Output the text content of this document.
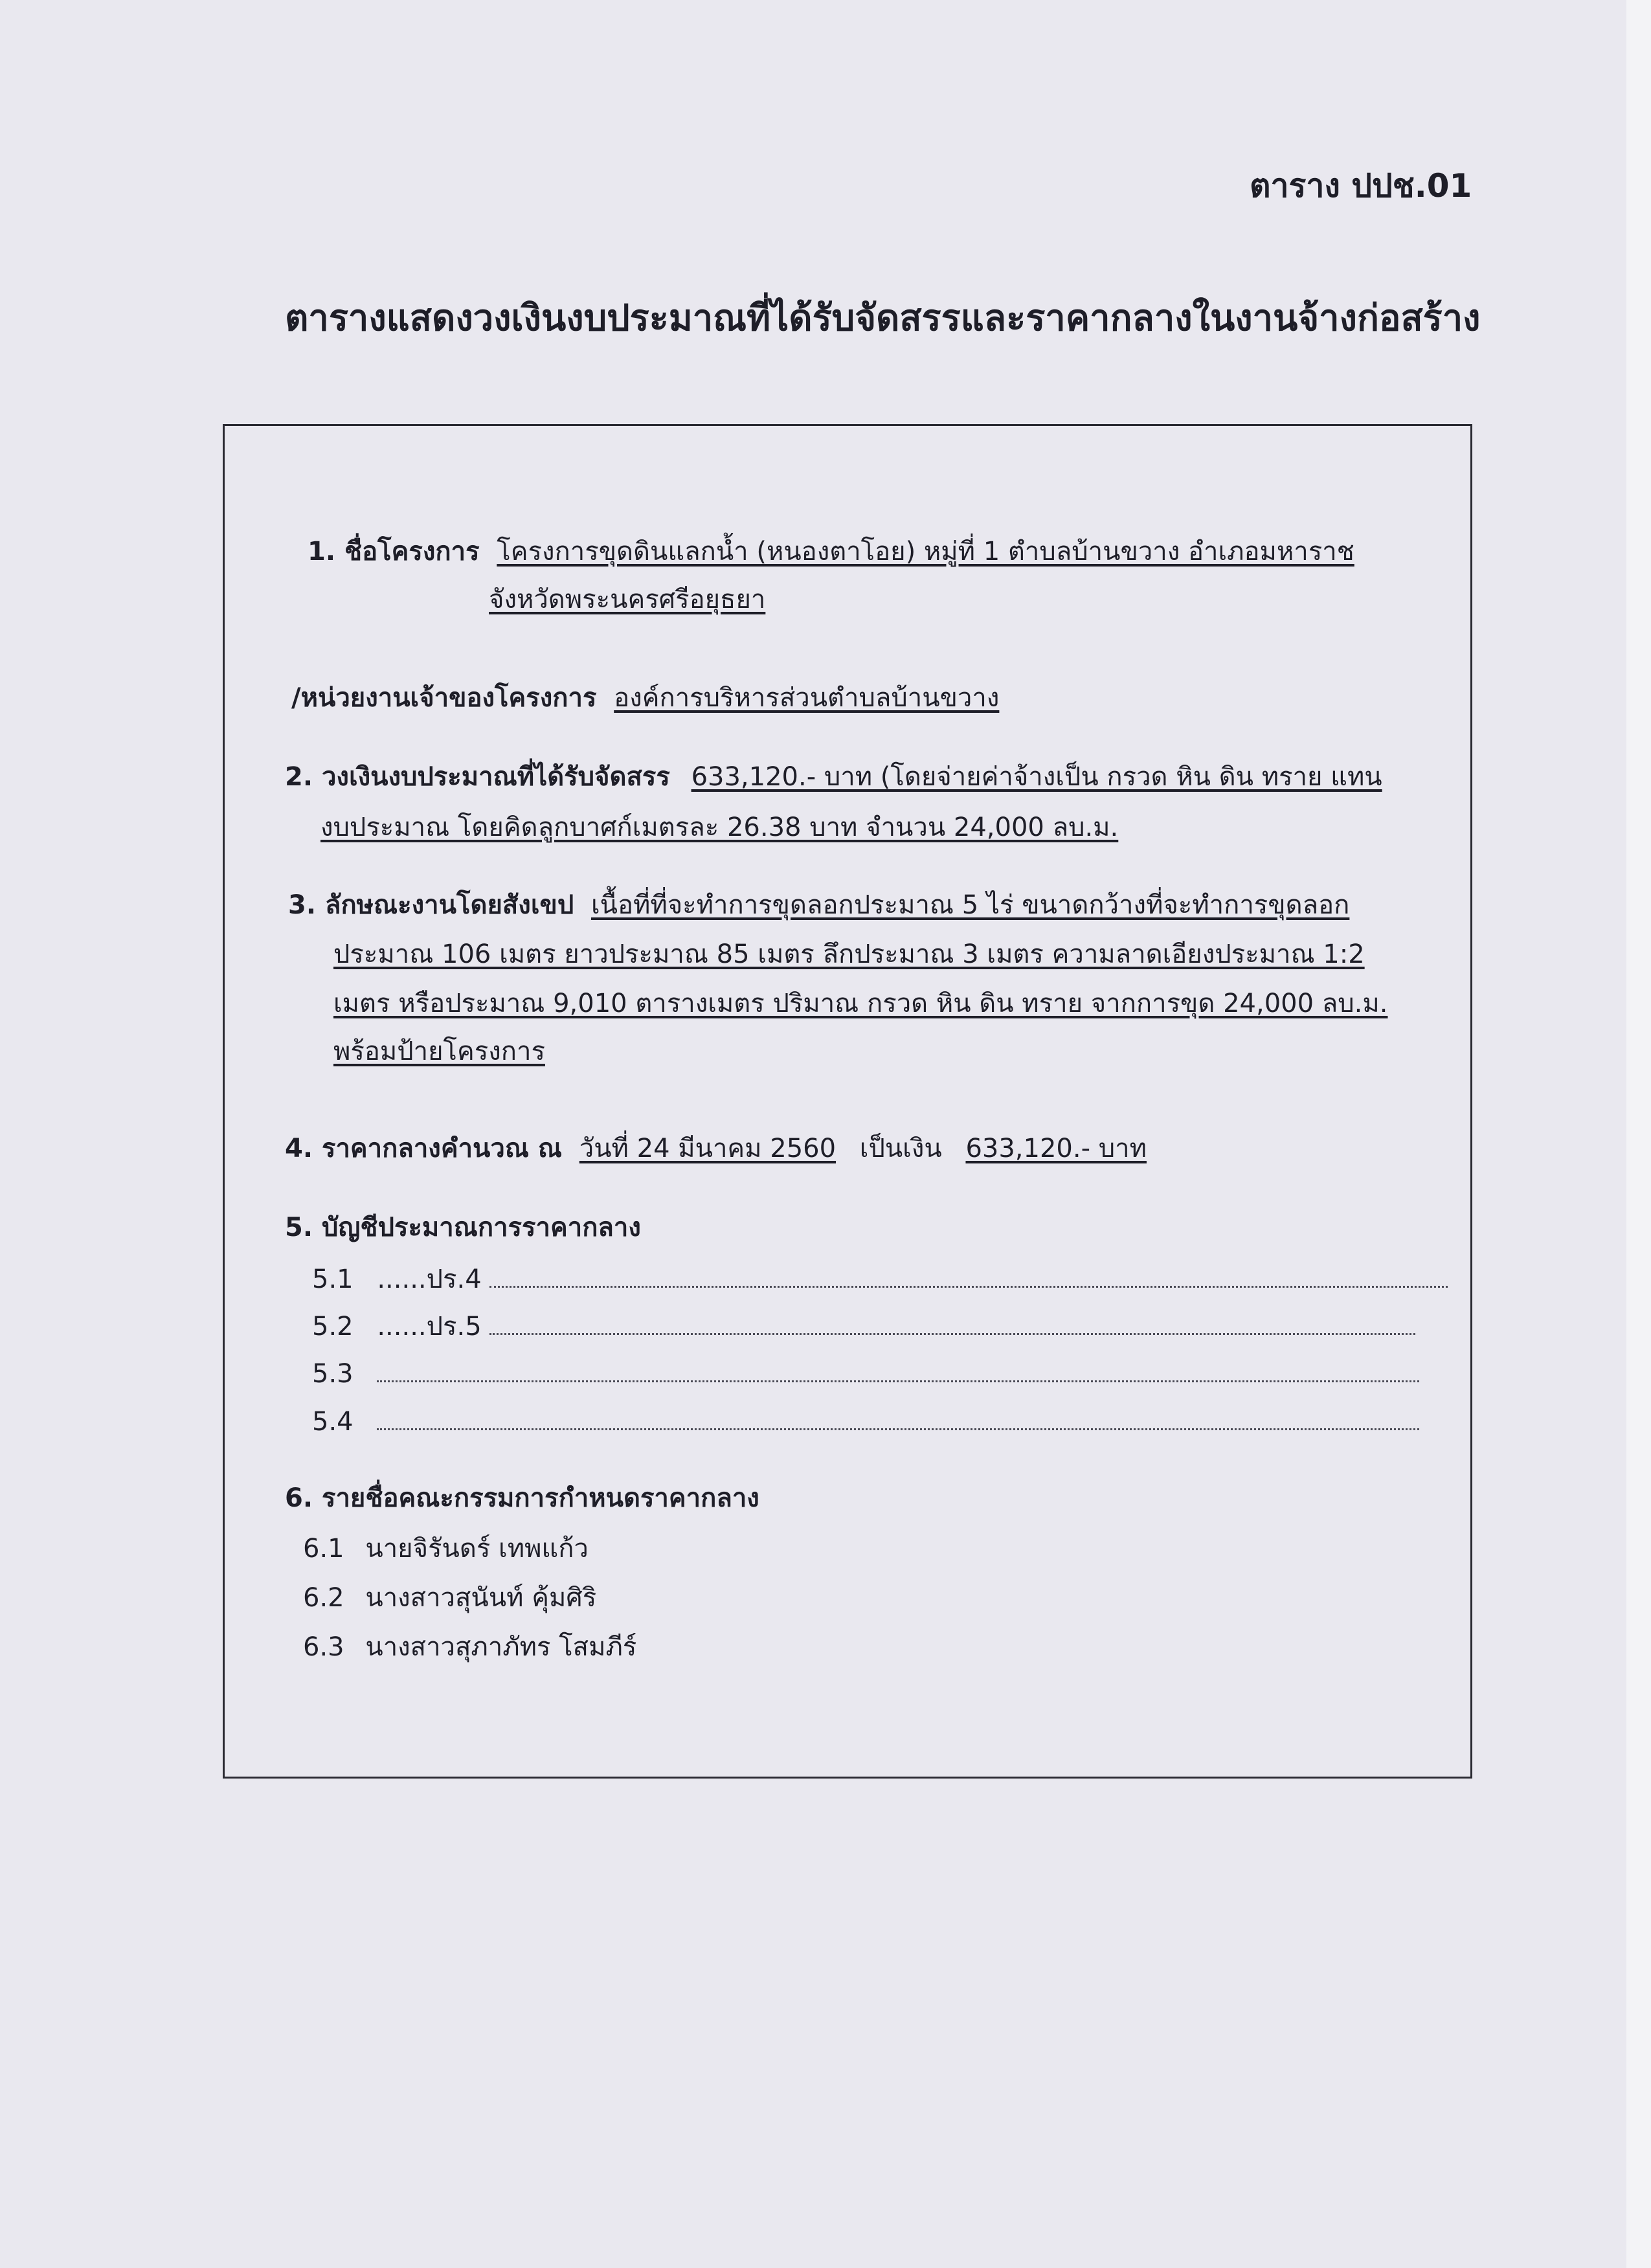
ตาราง ปปช.01
ตารางแสดงวงเงินงบประมาณที่ได้รับจัดสรรและราคากลางในงานจ้างก่อสร้าง
1. ชื่อโครงการ โครงการขุดดินแลกน้ำ (หนองตาโอย) หมู่ที่ 1 ตำบลบ้านขวาง อำเภอมหาราช
จังหวัดพระนครศรีอยุธยา
/หน่วยงานเจ้าของโครงการ องค์การบริหารส่วนตำบลบ้านขวาง
2. วงเงินงบประมาณที่ได้รับจัดสรร 633,120.- บาท (โดยจ่ายค่าจ้างเป็น กรวด หิน ดิน ทราย แทน
งบประมาณ โดยคิดลูกบาศก์เมตรละ 26.38 บาท จำนวน 24,000 ลบ.ม.
3. ลักษณะงานโดยสังเขป เนื้อที่ที่จะทำการขุดลอกประมาณ 5 ไร่ ขนาดกว้างที่จะทำการขุดลอก
ประมาณ 106 เมตร ยาวประมาณ 85 เมตร ลึกประมาณ 3 เมตร ความลาดเอียงประมาณ 1:2
เมตร หรือประมาณ 9,010 ตารางเมตร ปริมาณ กรวด หิน ดิน ทราย จากการขุด 24,000 ลบ.ม.
พร้อมป้ายโครงการ
4. ราคากลางคำนวณ ณ วันที่ 24 มีนาคม 2560 เป็นเงิน 633,120.- บาท
5. บัญชีประมาณการราคากลาง
5.1 ......ปร.4
5.2 ......ปร.5
5.3
5.4
6. รายชื่อคณะกรรมการกำหนดราคากลาง
6.1 นายจิรันดร์ เทพแก้ว
6.2 นางสาวสุนันท์ คุ้มศิริ
6.3 นางสาวสุภาภัทร โสมภีร์
